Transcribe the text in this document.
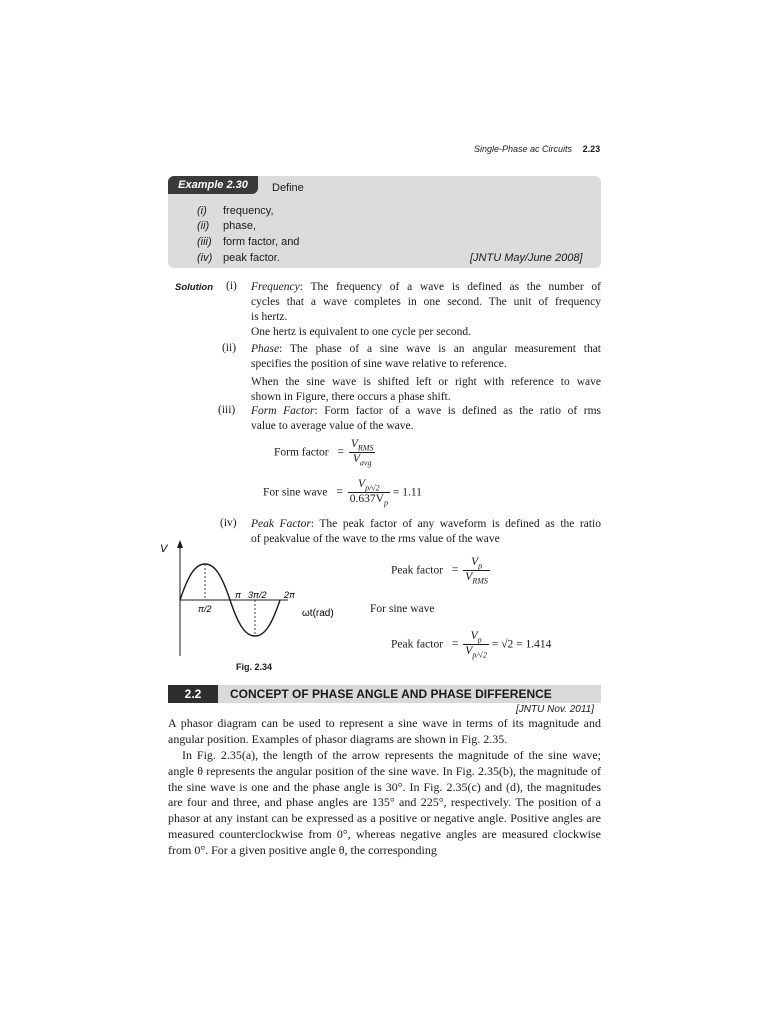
Single-Phase ac Circuits 2.23
Example 2.30	Define
(i) frequency,
(ii) phase,
(iii) form factor, and
(iv) peak factor.	[JNTU May/June 2008]
Solution (i) Frequency: The frequency of a wave is defined as the number of
cycles that a wave completes in one second. The unit of frequency
is hertz.
One hertz is equivalent to one cycle per second.
(ii) Phase: The phase of a sine wave is an angular measurement that
specifies the position of sine wave relative to reference.
When the sine wave is shifted left or right with reference to wave
shown in Figure, there occurs a phase shift.
(iii) Form Factor: Form factor of a wave is defined as the ratio of rms
value to average value of the wave.
Form factor = $\frac{V_{RMS}}{V_{avg}}$
For sine wave = $\frac{V_{p/√2}}{0.637V_p} = 1.11$
(iv) Peak Factor: The peak factor of any waveform is defined as the ratio
of peakvalue of the wave to the rms value of the wave
V
π/2
π 3π/2 2π
ωt(rad)
Fig. 2.34
Peak factor = $\frac{V_p}{V_{RMS}}$
For sine wave
Peak factor = $\frac{V_p}{V_{p/√2}} = √2 = 1.414$
2.2	CONCEPT OF PHASE ANGLE AND PHASE DIFFERENCE
[JNTU Nov. 2011]
A phasor diagram can be used to represent a sine wave in terms of its magnitude and angular position. Examples of phasor diagrams are shown in Fig. 2.35.
In Fig. 2.35(a), the length of the arrow represents the magnitude of the sine wave; angle θ represents the angular position of the sine wave. In Fig. 2.35(b), the magnitude of the sine wave is one and the phase angle is 30°. In Fig. 2.35(c) and (d), the magnitudes are four and three, and phase angles are 135° and 225°, respectively. The position of a phasor at any instant can be expressed as a positive or negative angle. Positive angles are measured counterclockwise from 0°, whereas negative angles are measured clockwise from 0°. For a given positive angle θ, the corresponding
